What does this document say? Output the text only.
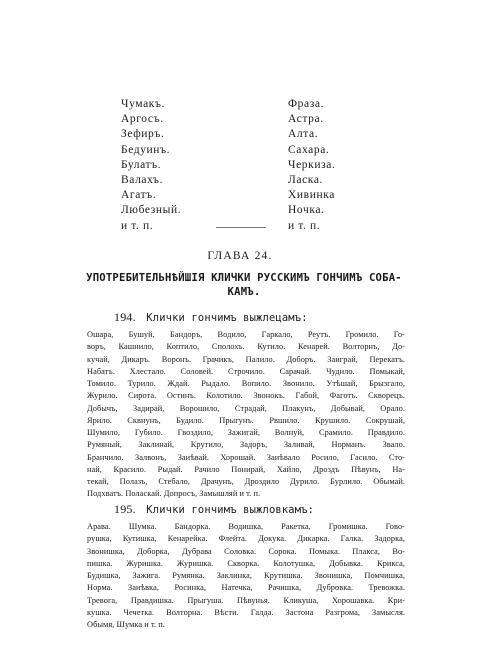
Чумакъ.
Аргосъ.
Зефиръ.
Бедуинъ.
Булатъ.
Валахъ.
Агатъ.
Любезный.
и т. п.
Фраза.
Астра.
Алта.
Сахара.
Черкиза.
Ласка.
Хивинка
Ночка.
и т. п.
ГЛАВА 24.
УПОТРЕБИТЕЛЬНѢЙШІЯ КЛИЧКИ РУССКИМЪ ГОНЧИМЪ СОБА-
КАМЪ.
194. Клички гончимъ выжлецамъ:
Ошара, Бушуй, Бандоръ, Водило, Гаркало, Реутъ. Громило. Го-
воръ, Кашнило, Коптило, Сполохъ. Кутило. Кенарей. Волторнъ, До-
кучай, Дикаръ. Воронъ. Грачикъ, Палило. Доборъ. Заиграй, Перекатъ.
Набатъ. Хлестало. Соловей. Строчило. Сарачай. Чудило. Помыкай,
Томило. Турило. Ждай. Рыдало. Вопило. Звонило. Утѣшай, Брызгало,
Журило. Сирота. Остинъ. Колотило. Звонокъ. Габой, Фаготъ. Скворецъ.
Добычъ, Задирай, Ворошило, Страдай, Плакунъ, Добывай, Орало.
Ярило. Сквнунъ, Будило. Прыгунъ. Рвшило. Крушило. Сокрушай,
Шумило, Губило. Гвоздило, Зажигай, Волнуй, Срамило. Правдило.
Румяный, Заклинай, Крутило, Задоръ, Заливай, Норманъ. Звало.
Бранчило. Залвонъ, Заиѣвай. Хорошай. Заиѣвало Росило, Гасило. Сто-
най, Красило. Рыдай. Рачило Понирай, Хайло, Дроздъ Пѣвунъ, На-
текай, Полазъ, Стебало, Драчунъ, Дроздило Дурило. Бурлило. Обымай.
Подхватъ. Поласкай. Допросъ, Замышляй и т. п.
195. Клички гончимъ выжловкамъ:
Арава. Шумка. Бандорка. Водишка, Ракетка, Громишка. Гово-
рушка, Кутишка, Кенарейка. Флейта. Докука. Дикарка. Галка. Задорка,
Звонишка, Доборка, Дубрава Соловка. Сорока. Помыка. Плакса, Во-
пишка. Журишка. Журишка. Скворка. Колотушка, Добывка. Крикса,
Будишка, Зажига. Румянка. Заклинка, Крутишка. Звонишка, Помчишка,
Норма. Заиѣвка, Росинка, Натечка, Рачишка, Дубровка. Тревожка.
Тревога, Правдишка. Прыгуша. Пѣвунья. Кликуша, Хорошавка. Кри-
кушка. Чечетка. Волторна. Вѣсти. Галда. Застона Разгрома, Замысля.
Обымя, Шумка и т. п.
